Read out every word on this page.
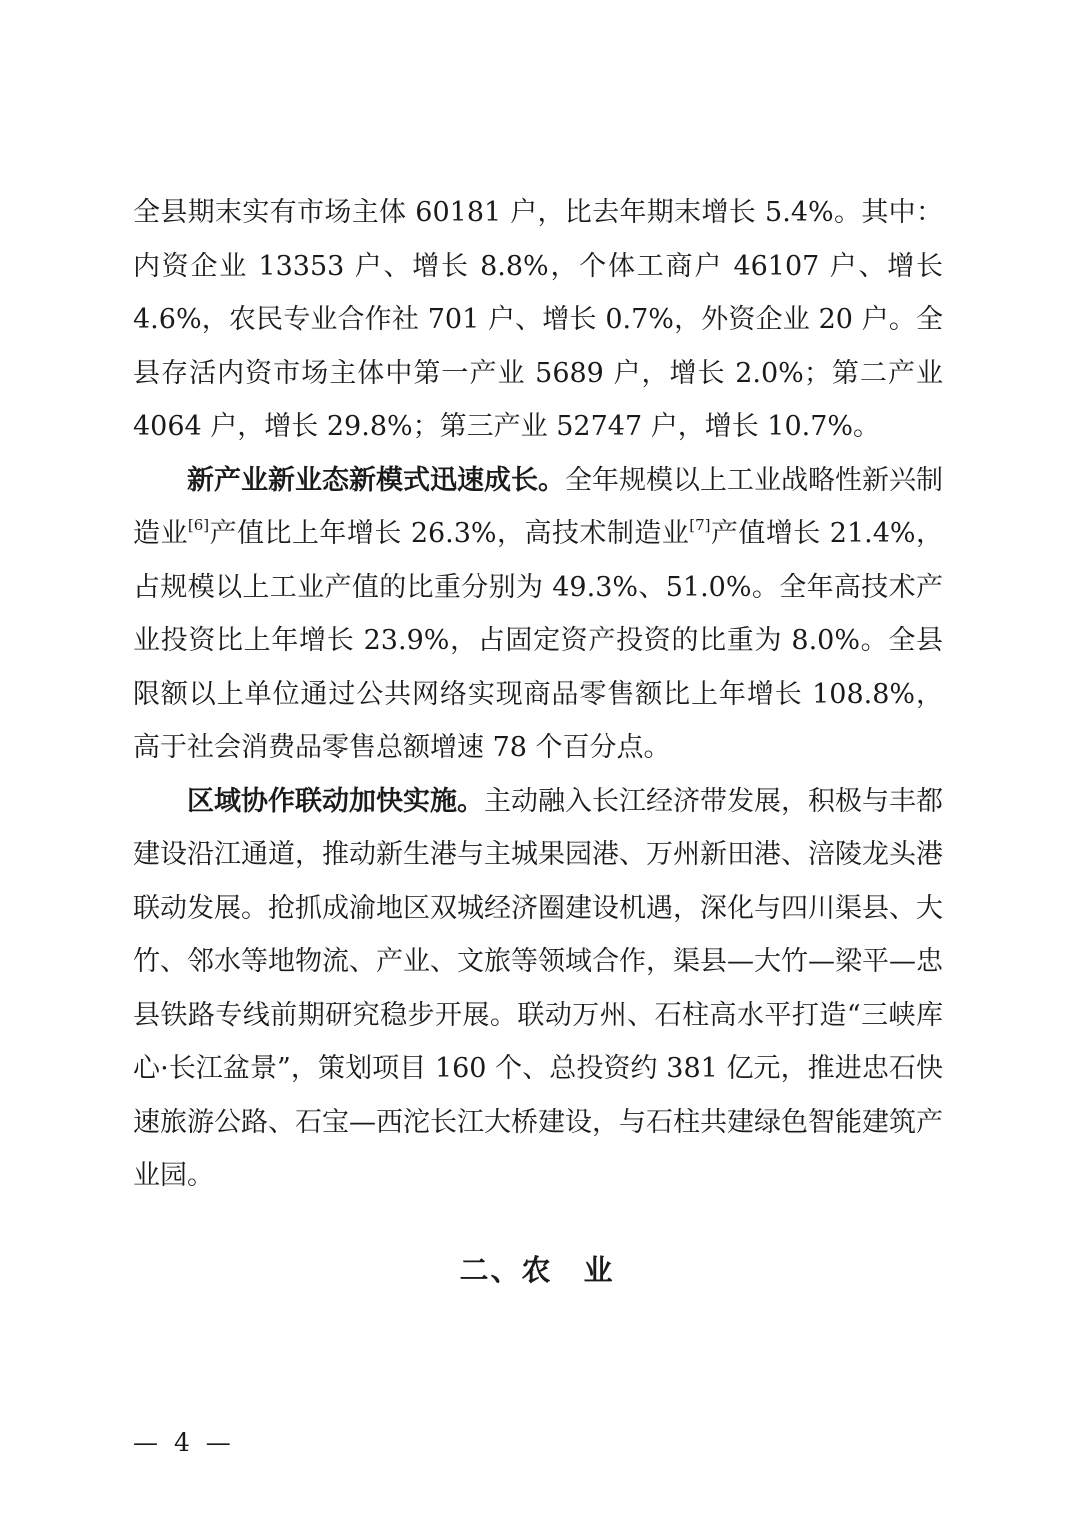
全县期末实有市场主体 60181 户，比去年期末增长 5.4%。其中：内资企业 13353 户、增长 8.8%，个体工商户 46107 户、增长 4.6%，农民专业合作社 701 户、增长 0.7%，外资企业 20 户。全县存活内资市场主体中第一产业 5689 户，增长 2.0%；第二产业 4064 户，增长 29.8%；第三产业 52747 户，增长 10.7%。

新产业新业态新模式迅速成长。全年规模以上工业战略性新兴制造业[6]产值比上年增长 26.3%，高技术制造业[7]产值增长 21.4%，占规模以上工业产值的比重分别为 49.3%、51.0%。全年高技术产业投资比上年增长 23.9%，占固定资产投资的比重为 8.0%。全县限额以上单位通过公共网络实现商品零售额比上年增长 108.8%，高于社会消费品零售总额增速 78 个百分点。

区域协作联动加快实施。主动融入长江经济带发展，积极与丰都建设沿江通道，推动新生港与主城果园港、万州新田港、涪陵龙头港联动发展。抢抓成渝地区双城经济圈建设机遇，深化与四川渠县、大竹、邻水等地物流、产业、文旅等领域合作，渠县—大竹—梁平—忠县铁路专线前期研究稳步开展。联动万州、石柱高水平打造“三峡库心·长江盆景”，策划项目 160 个、总投资约 381 亿元，推进忠石快速旅游公路、石宝—西沱长江大桥建设，与石柱共建绿色智能建筑产业园。

二、农　业
— 4 —
